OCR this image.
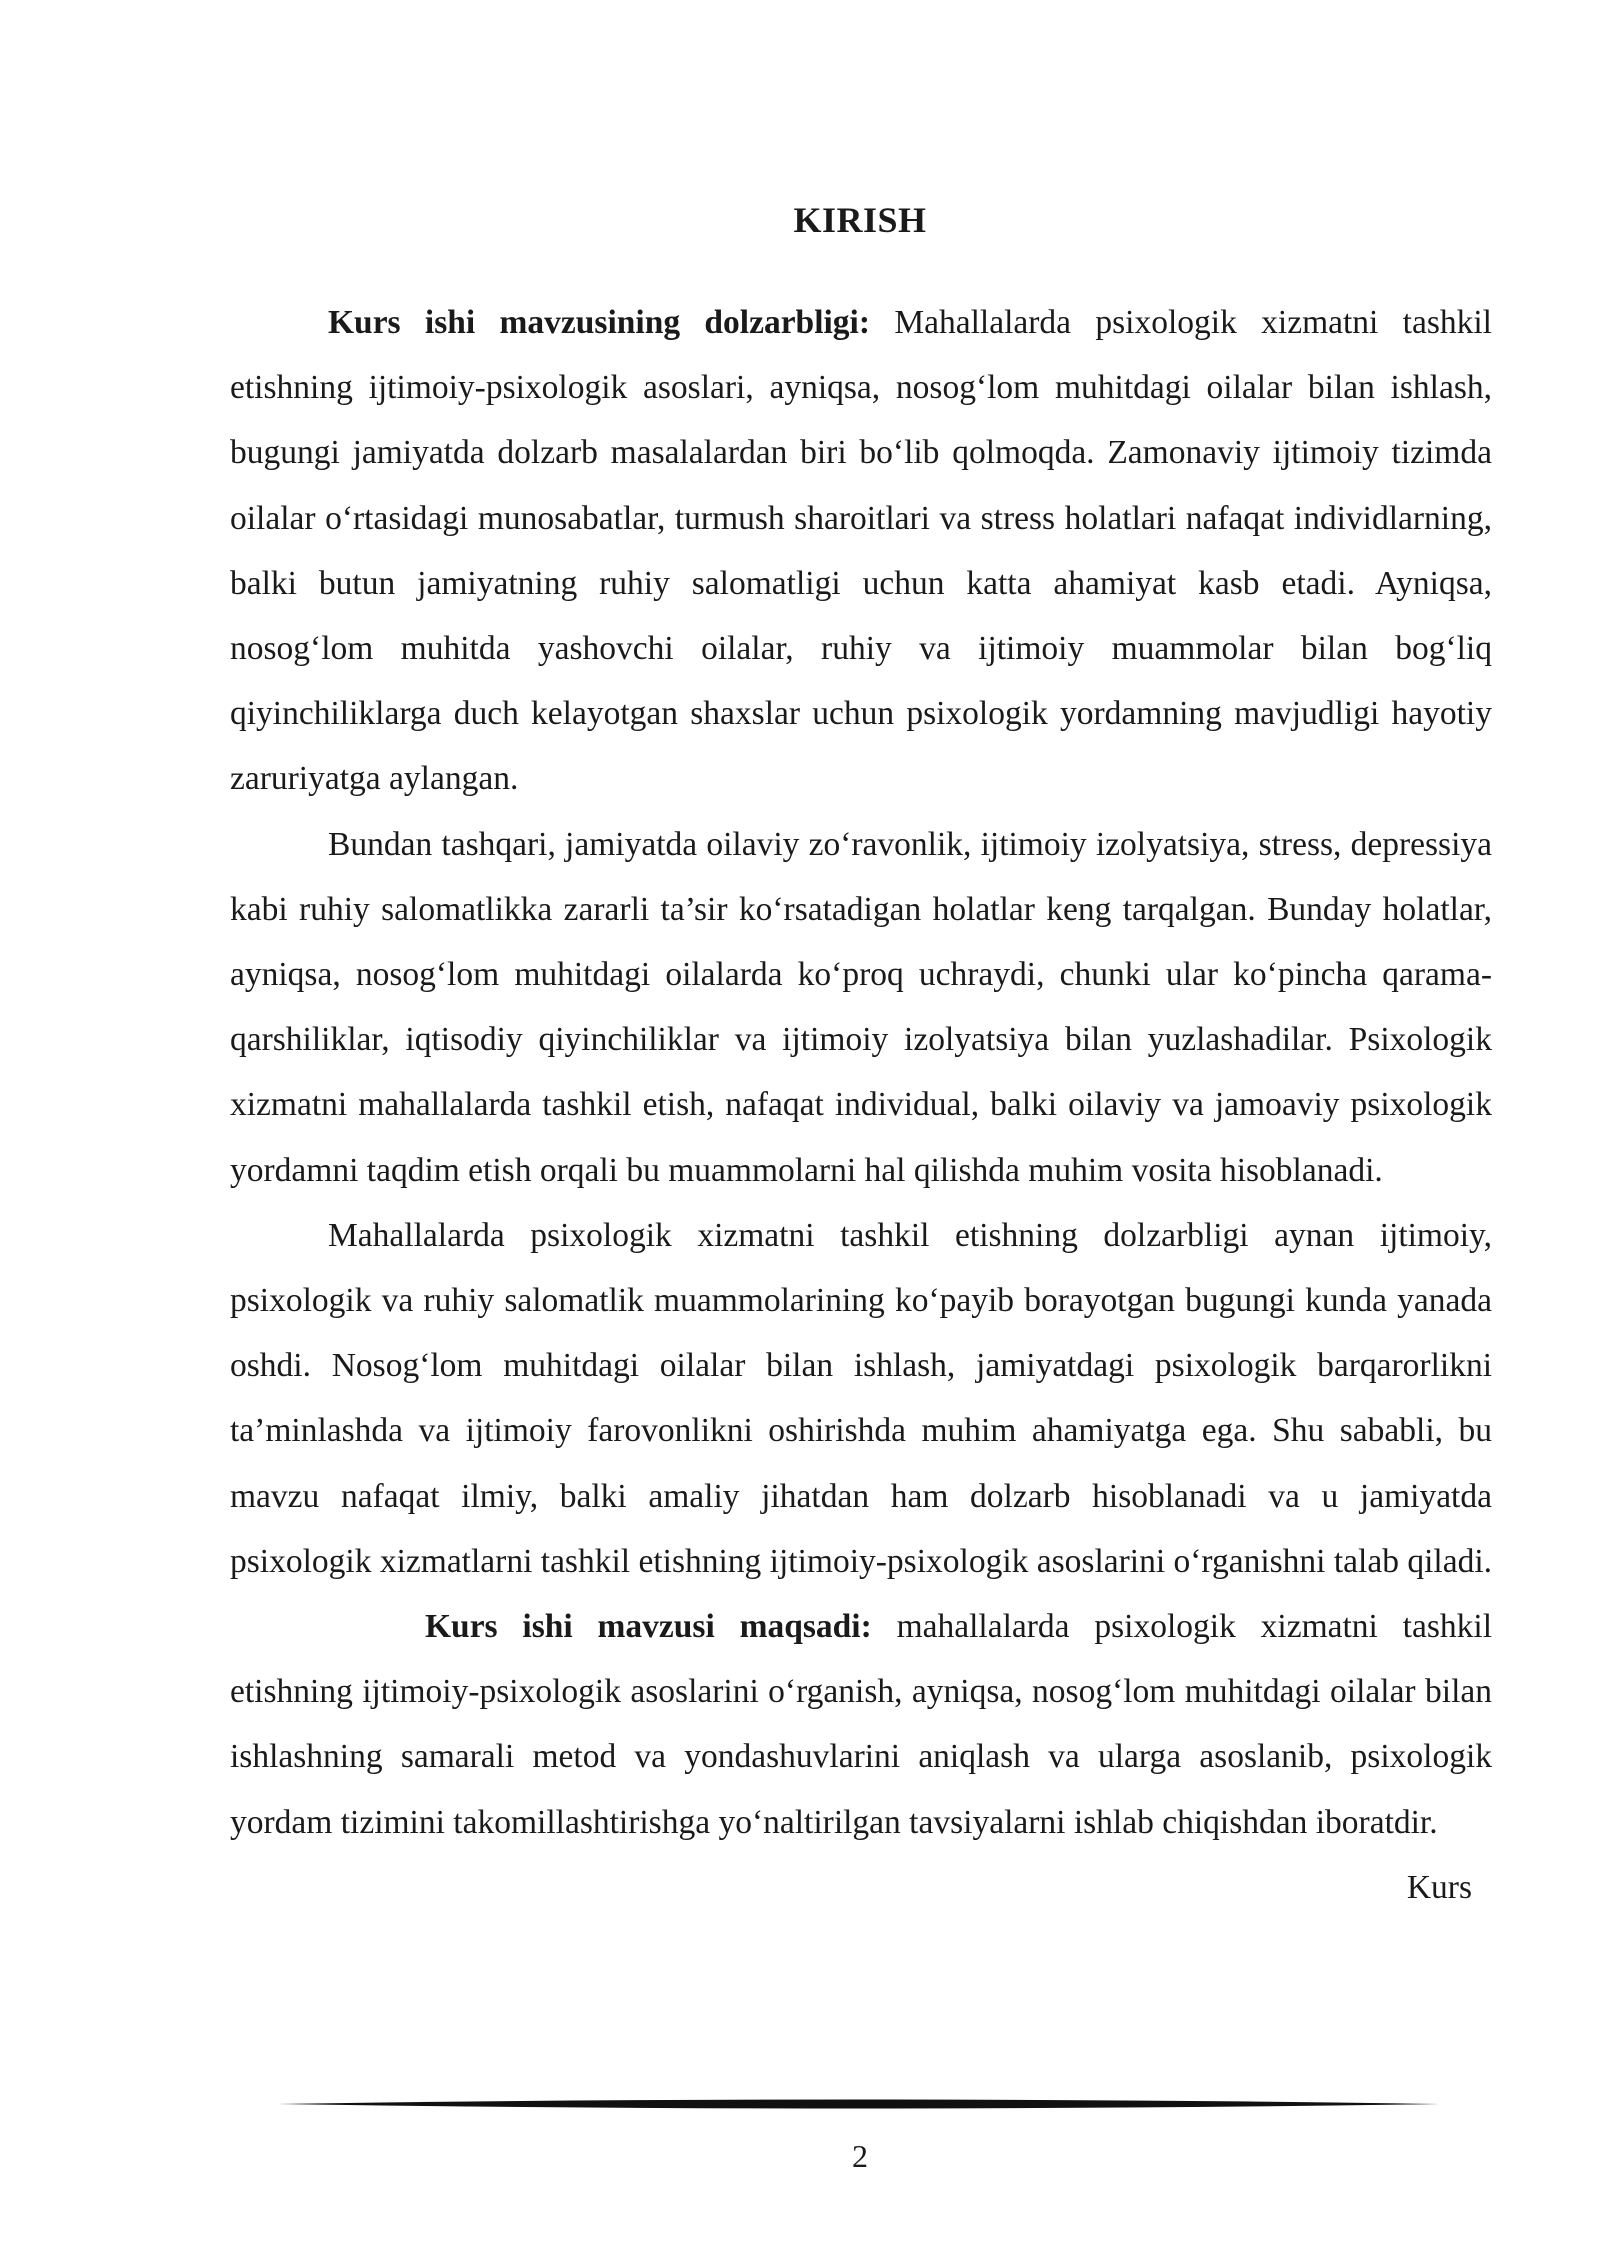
KIRISH

Kurs ishi mavzusining dolzarbligi: Mahallalarda psixologik xizmatni tashkil etishning ijtimoiy-psixologik asoslari, ayniqsa, nosog‘lom muhitdagi oilalar bilan ishlash, bugungi jamiyatda dolzarb masalalardan biri bo‘lib qolmoqda. Zamonaviy ijtimoiy tizimda oilalar o‘rtasidagi munosabatlar, turmush sharoitlari va stress holatlari nafaqat individlarning, balki butun jamiyatning ruhiy salomatligi uchun katta ahamiyat kasb etadi. Ayniqsa, nosog‘lom muhitda yashovchi oilalar, ruhiy va ijtimoiy muammolar bilan bog‘liq qiyinchiliklarga duch kelayotgan shaxslar uchun psixologik yordamning mavjudligi hayotiy zaruriyatga aylangan.

Bundan tashqari, jamiyatda oilaviy zo‘ravonlik, ijtimoiy izolyatsiya, stress, depressiya kabi ruhiy salomatlikka zararli ta’sir ko‘rsatadigan holatlar keng tarqalgan. Bunday holatlar, ayniqsa, nosog‘lom muhitdagi oilalarda ko‘proq uchraydi, chunki ular ko‘pincha qarama-qarshiliklar, iqtisodiy qiyinchiliklar va ijtimoiy izolyatsiya bilan yuzlashadilar. Psixologik xizmatni mahallalarda tashkil etish, nafaqat individual, balki oilaviy va jamoaviy psixologik yordamni taqdim etish orqali bu muammolarni hal qilishda muhim vosita hisoblanadi.

Mahallalarda psixologik xizmatni tashkil etishning dolzarbligi aynan ijtimoiy, psixologik va ruhiy salomatlik muammolarining ko‘payib borayotgan bugungi kunda yanada oshdi. Nosog‘lom muhitdagi oilalar bilan ishlash, jamiyatdagi psixologik barqarorlikni ta’minlashda va ijtimoiy farovonlikni oshirishda muhim ahamiyatga ega. Shu sababli, bu mavzu nafaqat ilmiy, balki amaliy jihatdan ham dolzarb hisoblanadi va u jamiyatda psixologik xizmatlarni tashkil etishning ijtimoiy-psixologik asoslarini o‘rganishni talab qiladi.

Kurs ishi mavzusi maqsadi: mahallalarda psixologik xizmatni tashkil etishning ijtimoiy-psixologik asoslarini o‘rganish, ayniqsa, nosog‘lom muhitdagi oilalar bilan ishlashning samarali metod va yondashuvlarini aniqlash va ularga asoslanib, psixologik yordam tizimini takomillashtirishga yo‘naltirilgan tavsiyalarni ishlab chiqishdan iboratdir.
Kurs

2
